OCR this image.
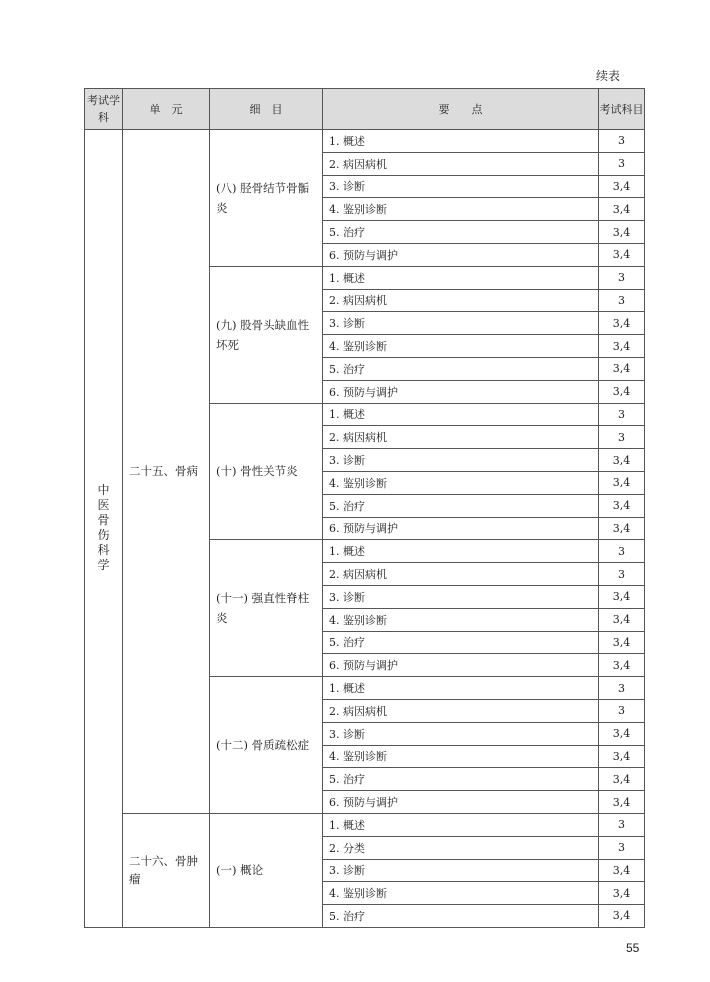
续表
考试学科	单　元	细　目	要　　点	考试科目
中医骨伤科学	二十五、骨病	(八) 胫骨结节骨骺炎	1. 概述	3
			2. 病因病机	3
			3. 诊断	3,4
			4. 鉴别诊断	3,4
			5. 治疗	3,4
			6. 预防与调护	3,4
		(九) 股骨头缺血性坏死	1. 概述	3
			2. 病因病机	3
			3. 诊断	3,4
			4. 鉴别诊断	3,4
			5. 治疗	3,4
			6. 预防与调护	3,4
		(十) 骨性关节炎	1. 概述	3
			2. 病因病机	3
			3. 诊断	3,4
			4. 鉴别诊断	3,4
			5. 治疗	3,4
			6. 预防与调护	3,4
		(十一) 强直性脊柱炎	1. 概述	3
			2. 病因病机	3
			3. 诊断	3,4
			4. 鉴别诊断	3,4
			5. 治疗	3,4
			6. 预防与调护	3,4
		(十二) 骨质疏松症	1. 概述	3
			2. 病因病机	3
			3. 诊断	3,4
			4. 鉴别诊断	3,4
			5. 治疗	3,4
			6. 预防与调护	3,4
	二十六、骨肿瘤	(一) 概论	1. 概述	3
			2. 分类	3
			3. 诊断	3,4
			4. 鉴别诊断	3,4
			5. 治疗	3,4
55
